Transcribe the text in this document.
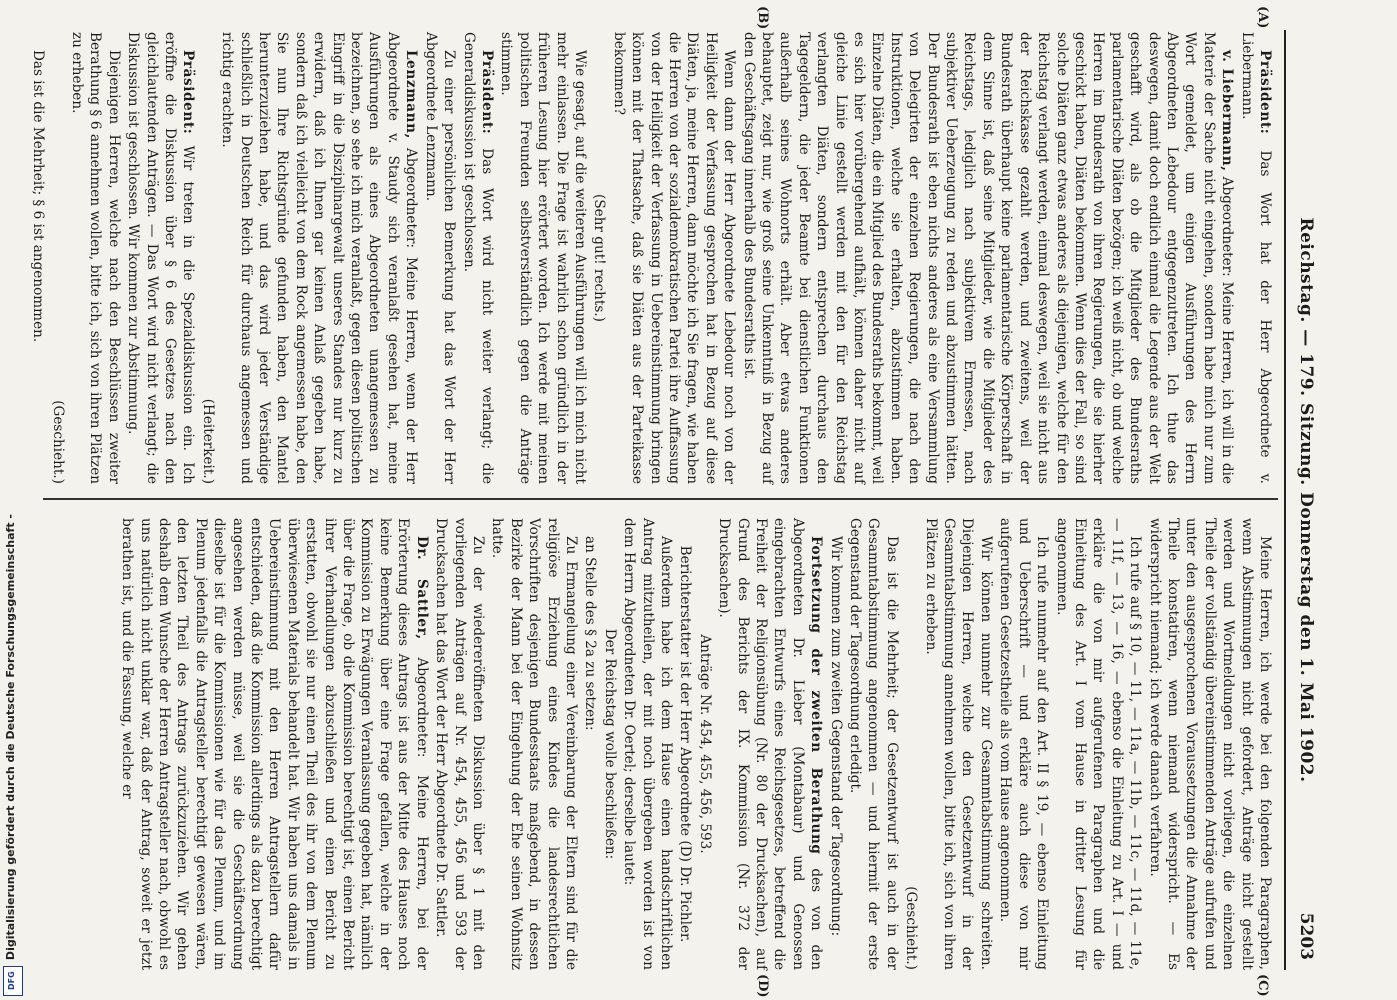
Reichstag. — 179. Sitzung. Donnerstag den 1. Mai 1902.
5203
(A)
(B)
(C)
(D)

Präsident: Das Wort hat der Herr Abgeordnete v. Liebermann.

v. Liebermann, Abgeordneter: Meine Herren, ich will in die Materie der Sache nicht eingehen, sondern habe mich nur zum Wort gemeldet, um einigen Ausführungen des Herrn Abgeordneten Lebedour entgegenzutreten. Ich thue das deswegen, damit doch endlich einmal die Legende aus der Welt geschafft wird, als ob die Mitglieder des Bundesraths parlamentarische Diäten bezögen; ich weiß nicht, ob und welche Herren im Bundesrath von ihren Regierungen, die sie hierher geschickt haben, Diäten bekommen. Wenn dies der Fall, so sind solche Diäten ganz etwas anderes als diejenigen, welche für den Reichstag verlangt werden, einmal deswegen, weil sie nicht aus der Reichskasse gezahlt werden, und zweitens, weil der Bundesrath überhaupt keine parlamentarische Körperschaft in dem Sinne ist, daß seine Mitglieder, wie die Mitglieder des Reichstags, lediglich nach subjektivem Ermessen, nach subjektiver Ueberzeugung zu reden und abzustimmen hätten. Der Bundesrath ist eben nichts anderes als eine Versammlung von Delegirten der einzelnen Regierungen, die nach den Instruktionen, welche sie erhalten, abzustimmen haben. Einzelne Diäten, die ein Mitglied des Bundesraths bekommt, weil es sich hier vorübergehend aufhält, können daher nicht auf gleiche Linie gestellt werden mit den für den Reichstag verlangten Diäten, sondern entsprechen durchaus den Tagegeldern, die jeder Beamte bei dienstlichen Funktionen außerhalb seines Wohnorts erhält. Aber etwas anderes behauptet, zeigt nur, wie groß seine Unkenntniß in Bezug auf den Geschäftsgang innerhalb des Bundesraths ist.

Wenn dann der Herr Abgeordnete Lebedour noch von der Heiligkeit der Verfassung gesprochen hat in Bezug auf diese Diäten, ja, meine Herren, dann möchte ich Sie fragen, wie haben die Herren von der sozialdemokratischen Partei ihre Auffassung von der Heiligkeit der Verfassung in Uebereinstimmung bringen können mit der Thatsache, daß sie Diäten aus der Parteikasse bekommen?

(Sehr gut! rechts.)

Wie gesagt, auf die weiteren Ausführungen will ich mich nicht mehr einlassen. Die Frage ist wahrlich schon gründlich in der früheren Lesung hier erörtert worden. Ich werde mit meinen politischen Freunden selbstverständlich gegen die Anträge stimmen.

Präsident: Das Wort wird nicht weiter verlangt; die Generaldiskussion ist geschlossen.

Zu einer persönlichen Bemerkung hat das Wort der Herr Abgeordnete Lenzmann.

Lenzmann, Abgeordneter: Meine Herren, wenn der Herr Abgeordnete v. Staudy sich veranlaßt gesehen hat, meine Ausführungen als eines Abgeordneten unangemessen zu bezeichnen, so sehe ich mich veranlaßt, gegen diesen politischen Eingriff in die Disziplinargewalt unseres Standes nur kurz zu erwidern, daß ich Ihnen gar keinen Anlaß gegeben habe, sondern daß ich vielleicht von dem Rock angemessen habe, den Sie nun Ihre Richtsgründe gefunden haben, den Mantel herunterzuziehen habe, und das wird jeder Verständige schließlich in Deutschen Reich für durchaus angemessen und richtig erachten.

(Heiterkeit.)

Präsident: Wir treten in die Spezialdiskussion ein. Ich eröffne die Diskussion über § 6 des Gesetzes nach den gleichlautenden Anträgen. — Das Wort wird nicht verlangt; die Diskussion ist geschlossen. Wir kommen zur Abstimmung.

Diejenigen Herren, welche nach den Beschlüssen zweiter Berathung § 6 annehmen wollen, bitte ich, sich von ihren Plätzen zu erheben.

(Geschieht.)

Das ist die Mehrheit; § 6 ist angenommen.

Meine Herren, ich werde bei den folgenden Paragraphen, wenn Abstimmungen nicht gefordert, Anträge nicht gestellt werden und Wortmeldungen nicht vorliegen, die einzelnen Theile der vollständig übereinstimmenden Anträge aufrufen und unter den ausgesprochenen Voraussetzungen die Annahme der Theile konstatiren, wenn niemand widerspricht. — Es widerspricht niemand; ich werde danach verfahren.

Ich rufe auf § 10, — 11, — 11a, — 11b, — 11c, — 11d, — 11e, — 11f, — 13, — 16, — ebenso die Einleitung zu Art. I — und erkläre die von mir aufgerufenen Paragraphen und die Einleitung des Art. I vom Hause in dritter Lesung für angenommen.

Ich rufe nunmehr auf den Art. II § 19, — ebenso Einleitung und Ueberschrift — und erkläre auch diese von mir aufgerufenen Gesetzestheile als vom Hause angenommen.

Wir können nunmehr zur Gesammtabstimmung schreiten. Diejenigen Herren, welche den Gesetzentwurf in der Gesammtabstimmung annehmen wollen, bitte ich, sich von ihren Plätzen zu erheben.

(Geschieht.)

Das ist die Mehrheit; der Gesetzentwurf ist auch in der Gesammtabstimmung angenommen — und hiermit der erste Gegenstand der Tagesordnung erledigt.

Wir kommen zum zweiten Gegenstand der Tagesordnung:

Fortsetzung der zweiten Berathung des von den Abgeordneten Dr. Lieber (Montabaur) und Genossen eingebrachten Entwurfs eines Reichsgesetzes, betreffend die Freiheit der Religionsübung (Nr. 80 der Drucksachen), auf Grund des Berichts der IX. Kommission (Nr. 372 der Drucksachen).

Anträge Nr. 454, 455, 456, 593.

Berichterstatter ist der Herr Abgeordnete (D) Dr. Pichler.

Außerdem habe ich dem Hause einen handschriftlichen Antrag mitzutheilen, der mit noch übergeben worden ist von dem Herrn Abgeordneten Dr. Oertel; derselbe lautet:

Der Reichstag wolle beschließen:

an Stelle des § 2a zu setzen:

Zu Ermangelung einer Vereinbarung der Eltern sind für die religiöse Erziehung eines Kindes die landesrechtlichen Vorschriften desjenigen Bundesstaats maßgebend, in dessen Bezirke der Mann bei der Eingehung der Ehe seinen Wohnsitz hatte.

Zu der wiedereröffneten Diskussion über § 1 mit den vorliegenden Anträgen auf Nr. 454, 455, 456 und 593 der Drucksachen hat das Wort der Herr Abgeordnete Dr. Sattler.

Dr. Sattler, Abgeordneter: Meine Herren, bei der Erörterung dieses Antrags ist aus der Mitte des Hauses noch keine Bemerkung über eine Frage gefallen, welche in der Kommission zu Erwägungen Veranlassung gegeben hat, nämlich über die Frage, ob die Kommission berechtigt ist, einen Bericht ihrer Verhandlungen abzuschließen und einen Bericht zu erstatten, obwohl sie nur einen Theil des ihr von dem Plenum überwiesenen Materials behandelt hat. Wir haben uns damals in Uebereinstimmung mit den Herren Antragstellern dafür entschieden, daß die Kommission allerdings als dazu berechtigt angesehen werden müsse, weil sie die Geschäftsordnung dieselbe ist für die Kommissionen wie für das Plenum, und im Plenum jedenfalls die Antragsteller berechtigt gewesen wären, den letzten Theil des Antrags zurückzuziehen. Wir gehen deshalb dem Wunsche der Herren Antragsteller nach, obwohl es uns natürlich nicht unklar war, daß der Antrag, soweit er jetzt berathen ist, und die Fassung, welche er

Digitalisierung gefördert durch die Deutsche Forschungsgemeinschaft -
DFG
